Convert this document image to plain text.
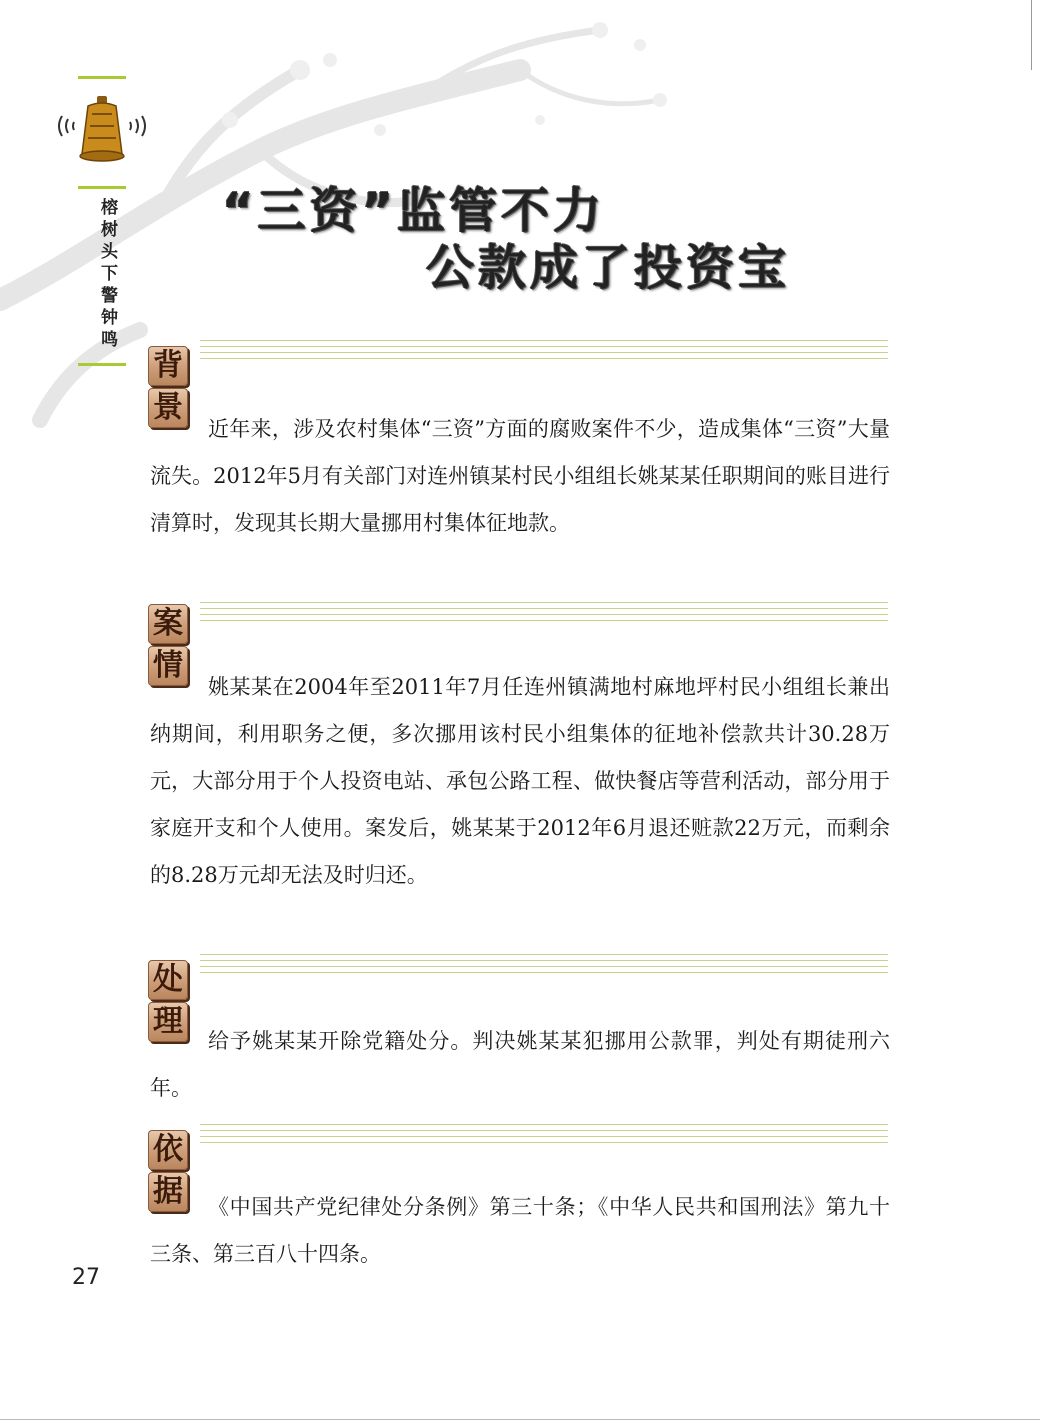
榕树头下警钟鸣 “三资”监管不力
公款成了投资宝
背
景

近年来，涉及农村集体“三资”方面的腐败案件不少，造成集体“三资”大量流失。2012年5月有关部门对连州镇某村民小组组长姚某某任职期间的账目进行清算时，发现其长期大量挪用村集体征地款。

案
情

姚某某在2004年至2011年7月任连州镇满地村麻地坪村民小组组长兼出纳期间，利用职务之便，多次挪用该村民小组集体的征地补偿款共计30.28万元，大部分用于个人投资电站、承包公路工程、做快餐店等营利活动，部分用于家庭开支和个人使用。案发后，姚某某于2012年6月退还赃款22万元，而剩余的8.28万元却无法及时归还。

处
理

给予姚某某开除党籍处分。判决姚某某犯挪用公款罪，判处有期徒刑六年。

依
据	《中国共产党纪律处分条例》第三十条；《中华人民共和国刑法》第九十三条、第三百八十四条。

27
